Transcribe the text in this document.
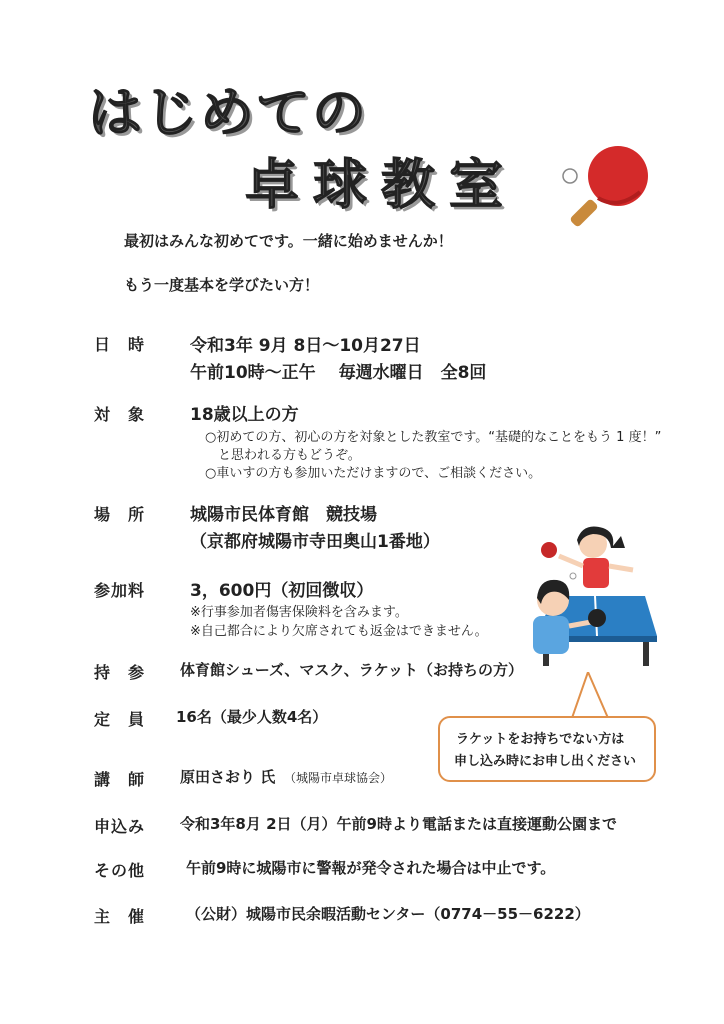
はじめての
卓球教室
最初はみんな初めてです。一緒に始めませんか！
もう一度基本を学びたい方！
日　時	令和3年 9月 8日～10月27日
午前10時～正午　 毎週水曜日　全8回
対　象	18歳以上の方
○初めての方、初心の方を対象とした教室です。“基礎的なことをもう 1 度！”
と思われる方もどうぞ。
○車いすの方も参加いただけますので、ご相談ください。
場　所	城陽市民体育館　競技場
（京都府城陽市寺田奥山1番地）
参加料	3，600円（初回徴収）
※行事参加者傷害保険料を含みます。
※自己都合により欠席されても返金はできません。
持　参 体育館シューズ、マスク、ラケット（お持ちの方）
定　員 16名（最少人数4名）
ラケットをお持ちでない方は
申し込み時にお申し出ください
講　師 原田さおり 氏 （城陽市卓球協会）
申込み 令和3年8月 2日（月）午前9時より電話または直接運動公園まで
その他	午前9時に城陽市に警報が発令された場合は中止です。
主　催	（公財）城陽市民余暇活動センター（0774－55－6222）
